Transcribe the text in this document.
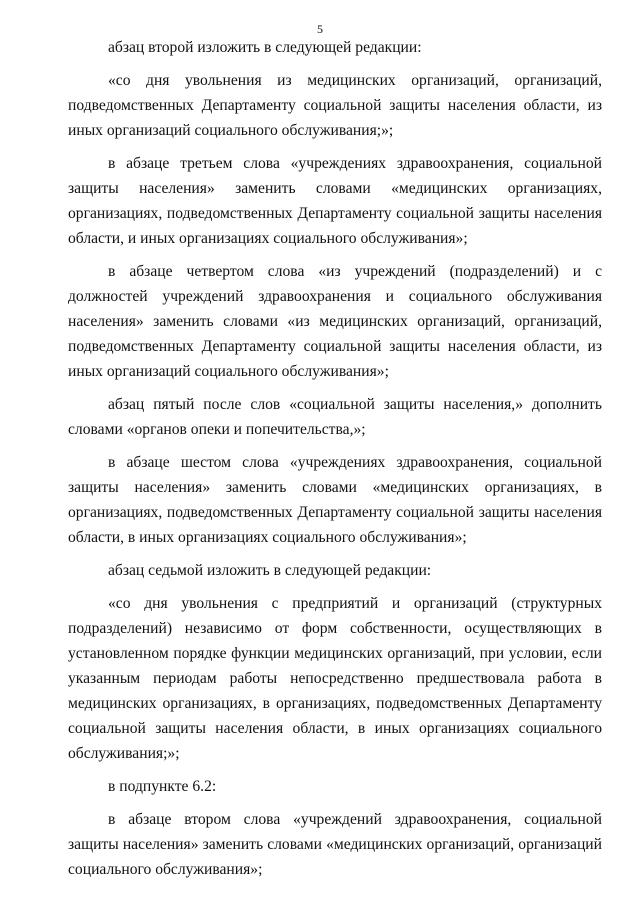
5

абзац второй изложить в следующей редакции:

«со дня увольнения из медицинских организаций, организаций, подведомственных Департаменту социальной защиты населения области, из иных организаций социального обслуживания;»;

в абзаце третьем слова «учреждениях здравоохранения, социальной защиты населения» заменить словами «медицинских организациях, организациях, подведомственных Департаменту социальной защиты населения области, и иных организациях социального обслуживания»;

в абзаце четвертом слова «из учреждений (подразделений) и с должностей учреждений здравоохранения и социального обслуживания населения» заменить словами «из медицинских организаций, организаций, подведомственных Департаменту социальной защиты населения области, из иных организаций социального обслуживания»;

абзац пятый после слов «социальной защиты населения,» дополнить словами «органов опеки и попечительства,»;

в абзаце шестом слова «учреждениях здравоохранения, социальной защиты населения» заменить словами «медицинских организациях, в организациях, подведомственных Департаменту социальной защиты населения области, в иных организациях социального обслуживания»;

абзац седьмой изложить в следующей редакции:

«со дня увольнения с предприятий и организаций (структурных подразделений) независимо от форм собственности, осуществляющих в установленном порядке функции медицинских организаций, при условии, если указанным периодам работы непосредственно предшествовала работа в медицинских организациях, в организациях, подведомственных Департаменту социальной защиты населения области, в иных организациях социального обслуживания;»;

в подпункте 6.2:

в абзаце втором слова «учреждений здравоохранения, социальной защиты населения» заменить словами «медицинских организаций, организаций социального обслуживания»;
